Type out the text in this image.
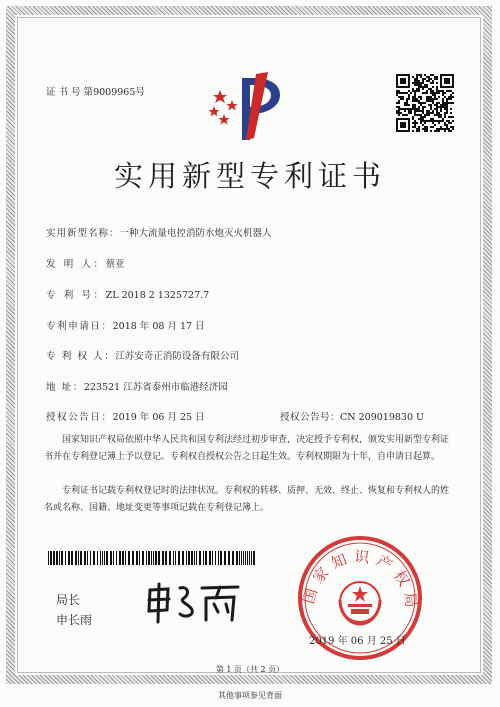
证 书 号 第9009965号
实用新型专利证书
实用新型名称：一种大流量电控消防水炮灭火机器人
发 明 人：蔡亚
专 利 号：ZL 2018 2 1325727.7
专利申请日：2018 年 08 月 17 日
专 利 权 人：江苏安奇正消防设备有限公司
地 址：223521 江苏省泰州市临港经济园
授权公告日：2019 年 06 月 25 日	授权公告号：CN 209019830 U
国家知识产权局依照中华人民共和国专利法经过初步审查，决定授予专利权，颁发实用新型专利证书并在专利登记簿上予以登记。专利权自授权公告之日起生效。专利权期限为十年，自申请日起算。
专利证书记载专利权登记时的法律状况。专利权的转移、质押、无效、终止、恢复和专利权人的姓名或名称、国籍、地址变更等事项记载在专利登记簿上。
局长
申长雨
国家知识产权局
2019 年 06 月 25 日
第 1 页（共 2 页）
其他事项参见背面
